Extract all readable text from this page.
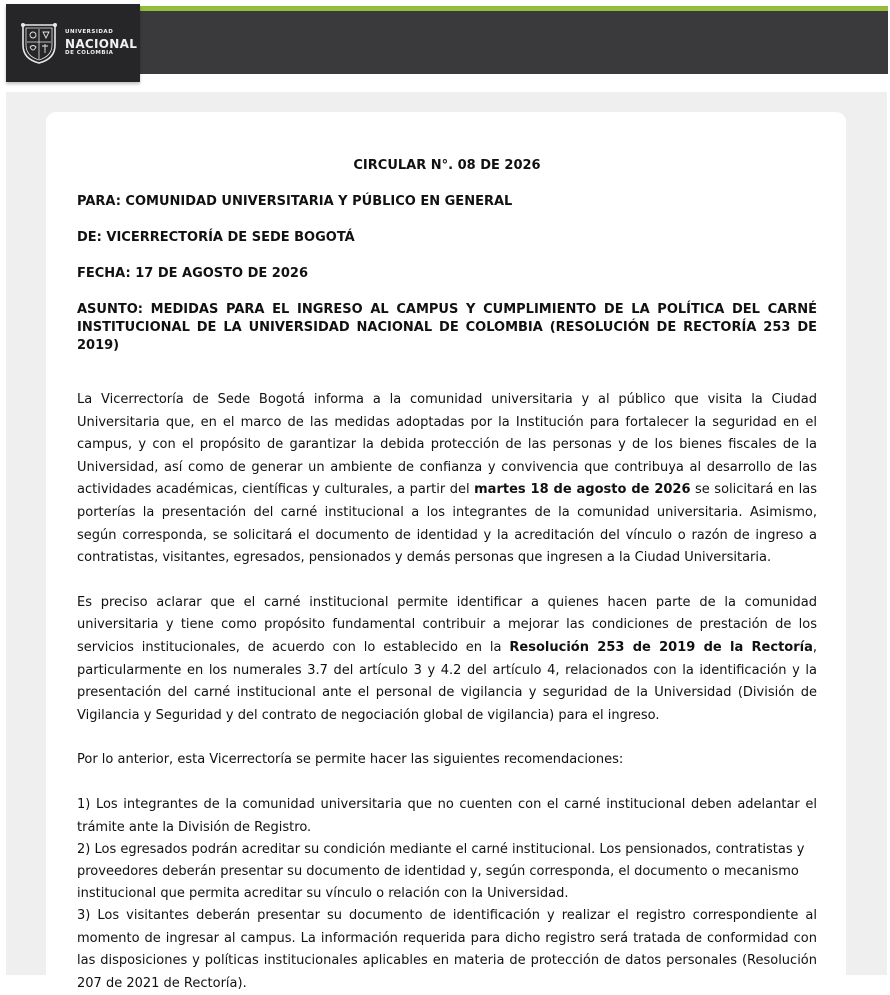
UNIVERSIDAD
NACIONAL
DE COLOMBIA
CIRCULAR N°. 08 DE 2026
PARA: COMUNIDAD UNIVERSITARIA Y PÚBLICO EN GENERAL
DE: VICERRECTORÍA DE SEDE BOGOTÁ
FECHA: 17 DE AGOSTO DE 2026
ASUNTO: MEDIDAS PARA EL INGRESO AL CAMPUS Y CUMPLIMIENTO DE LA POLÍTICA DEL CARNÉ INSTITUCIONAL DE LA UNIVERSIDAD NACIONAL DE COLOMBIA (RESOLUCIÓN DE RECTORÍA 253 DE 2019)

La Vicerrectoría de Sede Bogotá informa a la comunidad universitaria y al público que visita la Ciudad Universitaria que, en el marco de las medidas adoptadas por la Institución para fortalecer la seguridad en el campus, y con el propósito de garantizar la debida protección de las personas y de los bienes fiscales de la Universidad, así como de generar un ambiente de confianza y convivencia que contribuya al desarrollo de las actividades académicas, científicas y culturales, a partir del martes 18 de agosto de 2026 se solicitará en las porterías la presentación del carné institucional a los integrantes de la comunidad universitaria. Asimismo, según corresponda, se solicitará el documento de identidad y la acreditación del vínculo o razón de ingreso a contratistas, visitantes, egresados, pensionados y demás personas que ingresen a la Ciudad Universitaria.

Es preciso aclarar que el carné institucional permite identificar a quienes hacen parte de la comunidad universitaria y tiene como propósito fundamental contribuir a mejorar las condiciones de prestación de los servicios institucionales, de acuerdo con lo establecido en la Resolución 253 de 2019 de la Rectoría, particularmente en los numerales 3.7 del artículo 3 y 4.2 del artículo 4, relacionados con la identificación y la presentación del carné institucional ante el personal de vigilancia y seguridad de la Universidad (División de Vigilancia y Seguridad y del contrato de negociación global de vigilancia) para el ingreso.

Por lo anterior, esta Vicerrectoría se permite hacer las siguientes recomendaciones:

1) Los integrantes de la comunidad universitaria que no cuenten con el carné institucional deben adelantar el trámite ante la División de Registro.
2) Los egresados podrán acreditar su condición mediante el carné institucional. Los pensionados, contratistas y proveedores deberán presentar su documento de identidad y, según corresponda, el documento o mecanismo institucional que permita acreditar su vínculo o relación con la Universidad.
3) Los visitantes deberán presentar su documento de identificación y realizar el registro correspondiente al momento de ingresar al campus. La información requerida para dicho registro será tratada de conformidad con las disposiciones y políticas institucionales aplicables en materia de protección de datos personales (Resolución 207 de 2021 de Rectoría).
